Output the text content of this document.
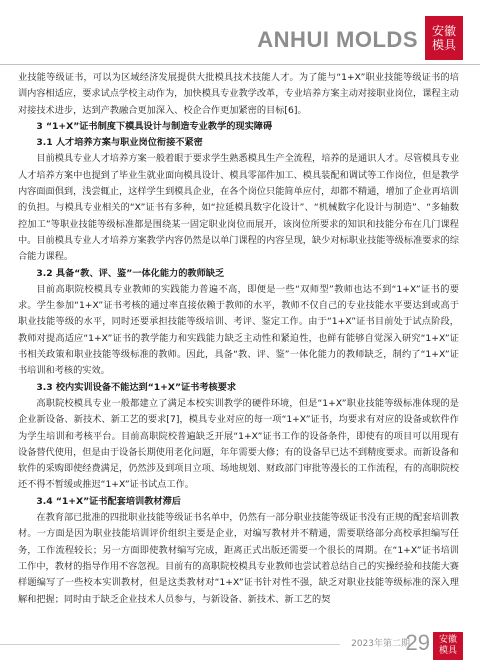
ANHUI MOLDS 安徽
模具

业技能等级证书，可以为区域经济发展提供大批模具技术技能人才。为了能与“1+X”职业技能等级证书的培训内容相适应，要求试点学校主动作为，加快模具专业教学改革，专业培养方案主动对接职业岗位，课程主动对接技术进步，达到产教融合更加深入、校企合作更加紧密的目标[6]。

3 “1+X”证书制度下模具设计与制造专业教学的现实障碍

3.1 人才培养方案与职业岗位衔接不紧密

目前模具专业人才培养方案一般着眼于要求学生熟悉模具生产全流程，培养的是通识人才。尽管模具专业人才培养方案中也提到了毕业生就业面向模具设计、模具零部件加工、模具装配和调试等工作岗位，但是教学内容面面俱到，浅尝辄止，这样学生到模具企业，在各个岗位只能简单应付，却都不精通，增加了企业再培训的负担。与模具专业相关的“X”证书有多种，如“拉延模具数字化设计”、“机械数字化设计与制造”、“多轴数控加工”等职业技能等级标准都是围绕某一固定职业岗位而展开，该岗位所要求的知识和技能分布在几门课程中。目前模具专业人才培养方案教学内容仍然是以单门课程的内容呈现，缺少对标职业技能等级标准要求的综合能力课程。

3.2 具备“教、评、鉴”一体化能力的教师缺乏

目前高职院校模具专业教师的实践能力普遍不高，即便是一些“双师型”教师也达不到“1+X”证书的要求。学生参加“1+X”证书考核的通过率直接依赖于教师的水平，教师不仅自己的专业技能水平要达到或高于职业技能等级的水平，同时还要承担技能等级培训、考评、鉴定工作。由于“1+X”证书目前处于试点阶段，教师对提高适应“1+X”证书的教学能力和实践能力缺乏主动性和紧迫性，也鲜有能够自觉深入研究“1+X”证书相关政策和职业技能等级标准的教师。因此，具备“教、评、鉴”一体化能力的教师缺乏，制约了“1+X”证书培训和考核的实效。

3.3 校内实训设备不能达到“1+X”证书考核要求

高职院校模具专业一般都建立了满足本校实训教学的硬件环境，但是“1+X”职业技能等级标准体现的是企业新设备、新技术、新工艺的要求[7]，模具专业对应的每一项“1+X”证书，均要求有对应的设备或软件作为学生培训和考核平台。目前高职院校普遍缺乏开展“1+X”证书工作的设备条件，即使有的项目可以用现有设备替代使用，但是由于设备长期使用老化问题，年年需要大修；有的设备早已达不到精度要求。而新设备和软件的采购即使经费满足，仍然涉及到项目立项、场地规划、财政部门审批等漫长的工作流程，有的高职院校还不得不暂缓或推迟“1+X”证书试点工作。

3.4 “1+X”证书配套培训教材滞后

在教育部已批准的四批职业技能等级证书名单中，仍然有一部分职业技能等级证书没有正规的配套培训教材。一方面是因为职业技能培训评价组织主要是企业，对编写教材并不精通，需要联络部分高校承担编写任务，工作流程较长；另一方面即使教材编写完成，距离正式出版还需要一个很长的周期。在“1+X”证书培训工作中，教材的指导作用不容忽视。目前有的高职院校模具专业教师也尝试着总结自己的实操经验和技能大赛样题编写了一些校本实训教材，但是这类教材对“1+X”证书针对性不强，缺乏对职业技能等级标准的深入理解和把握；同时由于缺乏企业技术人员参与，与新设备、新技术、新工艺的契

2023年第二期
29 安徽
模具
